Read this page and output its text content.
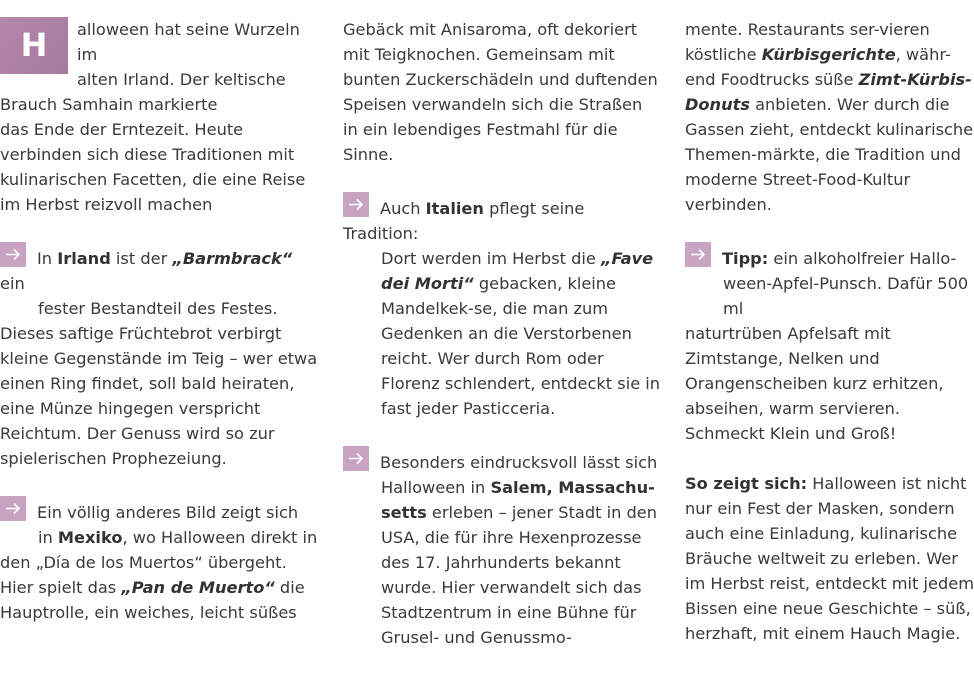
H	alloween hat seine Wurzeln im
alten Irland. Der keltische
Brauch Samhain markierte
das Ende der Erntezeit. Heute verbinden sich diese Traditionen mit kulinarischen Facetten, die eine Reise im Herbst reizvoll machen

In Irland ist der „Barmbrack“ ein
fester Bestandteil des Festes.
Dieses saftige Früchtebrot verbirgt kleine Gegenstände im Teig – wer etwa einen Ring findet, soll bald heiraten, eine Münze hingegen verspricht Reichtum. Der Genuss wird so zur spielerischen Prophezeiung.

Ein völlig anderes Bild zeigt sich
in Mexiko, wo Halloween direkt in
den „Día de los Muertos“ übergeht.
Hier spielt das „Pan de Muerto“ die
Hauptrolle, ein weiches, leicht süßes

Gebäck mit Anisaroma, oft dekoriert mit Teigknochen. Gemeinsam mit bunten Zuckerschädeln und duftenden Speisen verwandeln sich die Straßen in ein lebendiges Festmahl für die Sinne.

Auch Italien pflegt seine Tradition:
Dort werden im Herbst die „Fave dei Morti“ gebacken, kleine Mandelkek-se, die man zum Gedenken an die Verstorbenen reicht. Wer durch Rom oder Florenz schlendert, entdeckt sie in fast jeder Pasticceria.

Besonders eindrucksvoll lässt sich
Halloween in Salem, Massachu-setts erleben – jener Stadt in den USA, die für ihre Hexenprozesse des 17. Jahrhunderts bekannt wurde. Hier verwandelt sich das Stadtzentrum in eine Bühne für Grusel- und Genussmo-

mente. Restaurants ser-vieren köstliche Kürbisgerichte, währ-end Foodtrucks süße Zimt-Kürbis-Donuts anbieten. Wer durch die Gassen zieht, entdeckt kulinarische Themen-märkte, die Tradition und moderne Street-Food-Kultur verbinden.

Tipp: ein alkoholfreier Hallo-
ween-Apfel-Punsch. Dafür 500 ml
naturtrüben Apfelsaft mit Zimtstange, Nelken und Orangenscheiben kurz erhitzen, abseihen, warm servieren. Schmeckt Klein und Groß!

So zeigt sich: Halloween ist nicht nur ein Fest der Masken, sondern auch eine Einladung, kulinarische Bräuche weltweit zu erleben. Wer im Herbst reist, entdeckt mit jedem Bissen eine neue Geschichte – süß, herzhaft, mit einem Hauch Magie.
